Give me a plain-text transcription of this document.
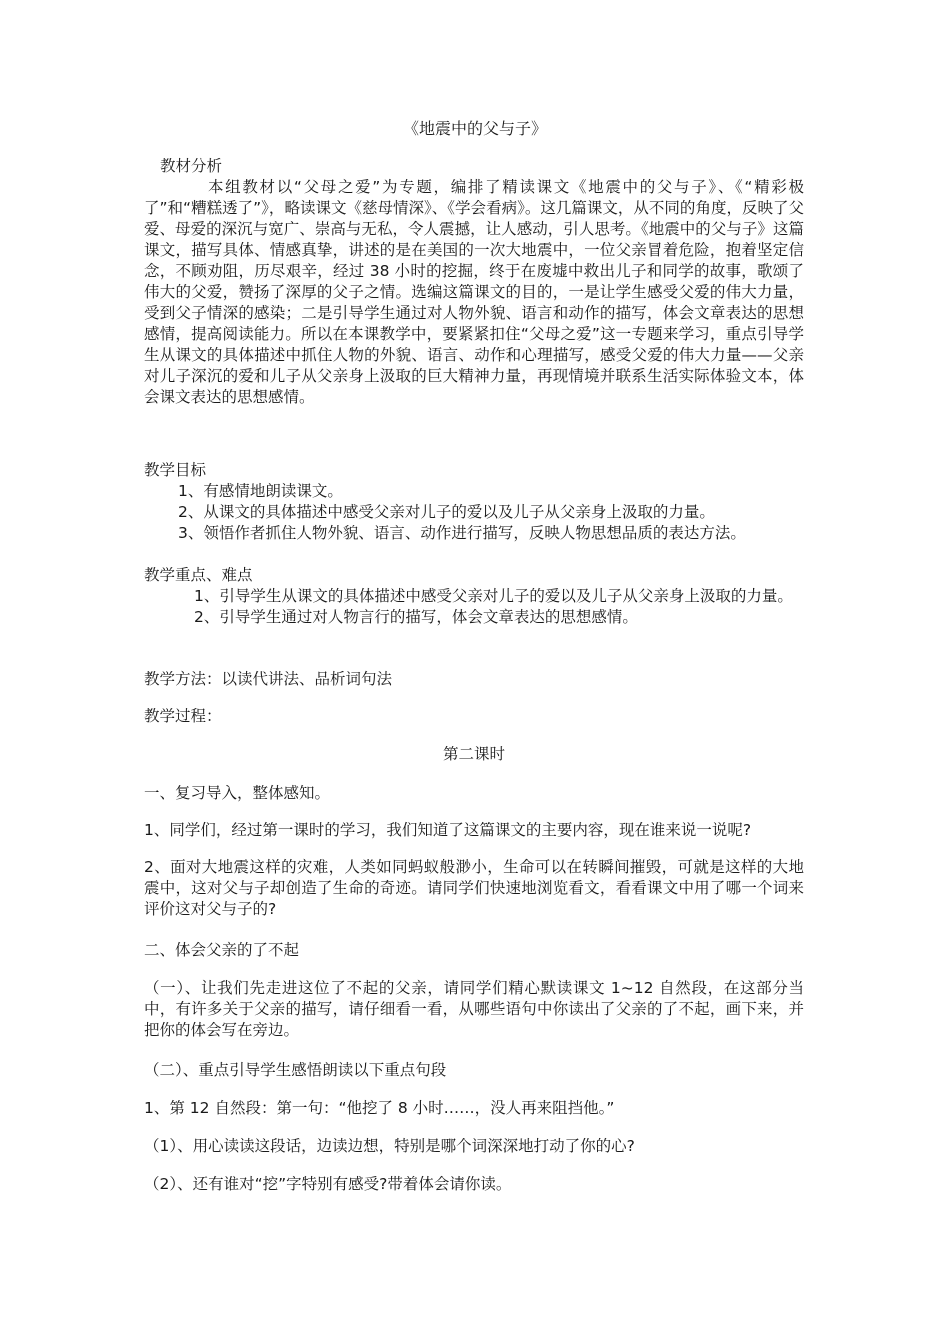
《地震中的父与子》

教材分析

本组教材以“父母之爱”为专题，编排了精读课文《地震中的父与子》、《“精彩极了”和“糟糕透了”》，略读课文《慈母情深》、《学会看病》。这几篇课文，从不同的角度，反映了父爱、母爱的深沉与宽广、崇高与无私，令人震撼，让人感动，引人思考。《地震中的父与子》这篇课文，描写具体、情感真挚，讲述的是在美国的一次大地震中，一位父亲冒着危险，抱着坚定信念，不顾劝阻，历尽艰辛，经过 38 小时的挖掘，终于在废墟中救出儿子和同学的故事，歌颂了伟大的父爱，赞扬了深厚的父子之情。选编这篇课文的目的，一是让学生感受父爱的伟大力量，受到父子情深的感染；二是引导学生通过对人物外貌、语言和动作的描写，体会文章表达的思想感情，提高阅读能力。所以在本课教学中，要紧紧扣住“父母之爱”这一专题来学习，重点引导学生从课文的具体描述中抓住人物的外貌、语言、动作和心理描写，感受父爱的伟大力量——父亲对儿子深沉的爱和儿子从父亲身上汲取的巨大精神力量，再现情境并联系生活实际体验文本，体会课文表达的思想感情。

教学目标

1、有感情地朗读课文。

2、从课文的具体描述中感受父亲对儿子的爱以及儿子从父亲身上汲取的力量。

3、领悟作者抓住人物外貌、语言、动作进行描写，反映人物思想品质的表达方法。

教学重点、难点

1、引导学生从课文的具体描述中感受父亲对儿子的爱以及儿子从父亲身上汲取的力量。

2、引导学生通过对人物言行的描写，体会文章表达的思想感情。

教学方法：以读代讲法、品析词句法
教学过程：
第二课时
一、复习导入，整体感知。
1、同学们，经过第一课时的学习，我们知道了这篇课文的主要内容，现在谁来说一说呢?
2、面对大地震这样的灾难，人类如同蚂蚁般渺小，生命可以在转瞬间摧毁，可就是这样的大地震中，这对父与子却创造了生命的奇迹。请同学们快速地浏览看文，看看课文中用了哪一个词来评价这对父与子的?
二、体会父亲的了不起
（一）、让我们先走进这位了不起的父亲，请同学们精心默读课文 1~12 自然段，在这部分当中，有许多关于父亲的描写，请仔细看一看，从哪些语句中你读出了父亲的了不起，画下来，并把你的体会写在旁边。
（二）、重点引导学生感悟朗读以下重点句段
1、第 12 自然段：第一句：“他挖了 8 小时……，没人再来阻挡他。”
（1）、用心读读这段话，边读边想，特别是哪个词深深地打动了你的心?
（2）、还有谁对“挖”字特别有感受?带着体会请你读。
